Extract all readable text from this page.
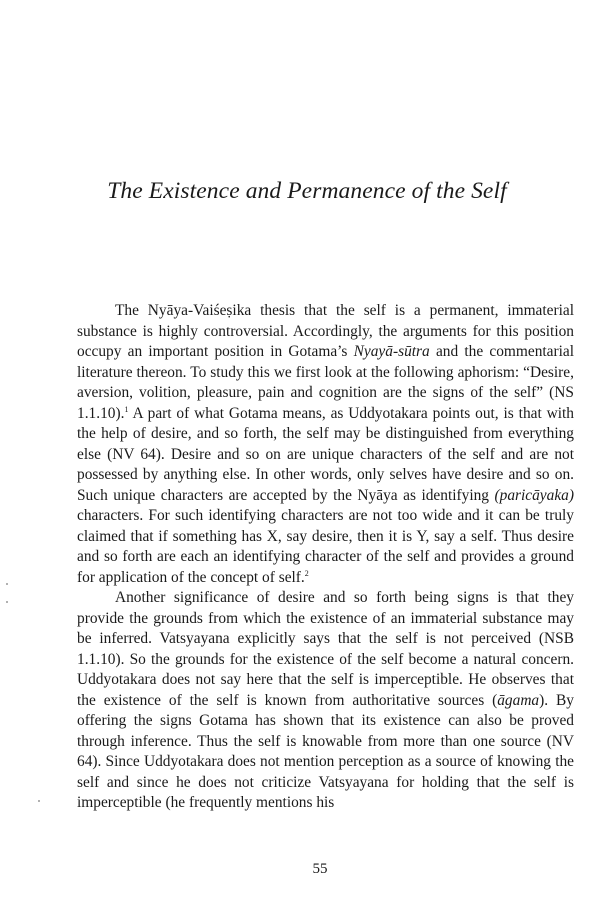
The Existence and Permanence of the Self

The Nyāya-Vaiśeṣika thesis that the self is a permanent, immaterial substance is highly controversial. Accordingly, the arguments for this position occupy an important position in Gotama’s Nyayā-sūtra and the commentarial literature thereon. To study this we first look at the following aphorism: “Desire, aversion, volition, pleasure, pain and cognition are the signs of the self” (NS 1.1.10).$^1$ A part of what Gotama means, as Uddyotakara points out, is that with the help of desire, and so forth, the self may be distinguished from everything else (NV 64). Desire and so on are unique characters of the self and are not possessed by anything else. In other words, only selves have desire and so on. Such unique characters are accepted by the Nyāya as identifying (paricāyaka) characters. For such identifying characters are not too wide and it can be truly claimed that if something has X, say desire, then it is Y, say a self. Thus desire and so forth are each an identifying character of the self and provides a ground for application of the concept of self.$^2$

Another significance of desire and so forth being signs is that they provide the grounds from which the existence of an immaterial substance may be inferred. Vatsyayana explicitly says that the self is not perceived (NSB 1.1.10). So the grounds for the existence of the self become a natural concern. Uddyotakara does not say here that the self is imperceptible. He observes that the existence of the self is known from authoritative sources (āgama). By offering the signs Gotama has shown that its existence can also be proved through inference. Thus the self is knowable from more than one source (NV 64). Since Uddyotakara does not mention perception as a source of knowing the self and since he does not criticize Vatsyayana for holding that the self is imperceptible (he frequently mentions his

55
